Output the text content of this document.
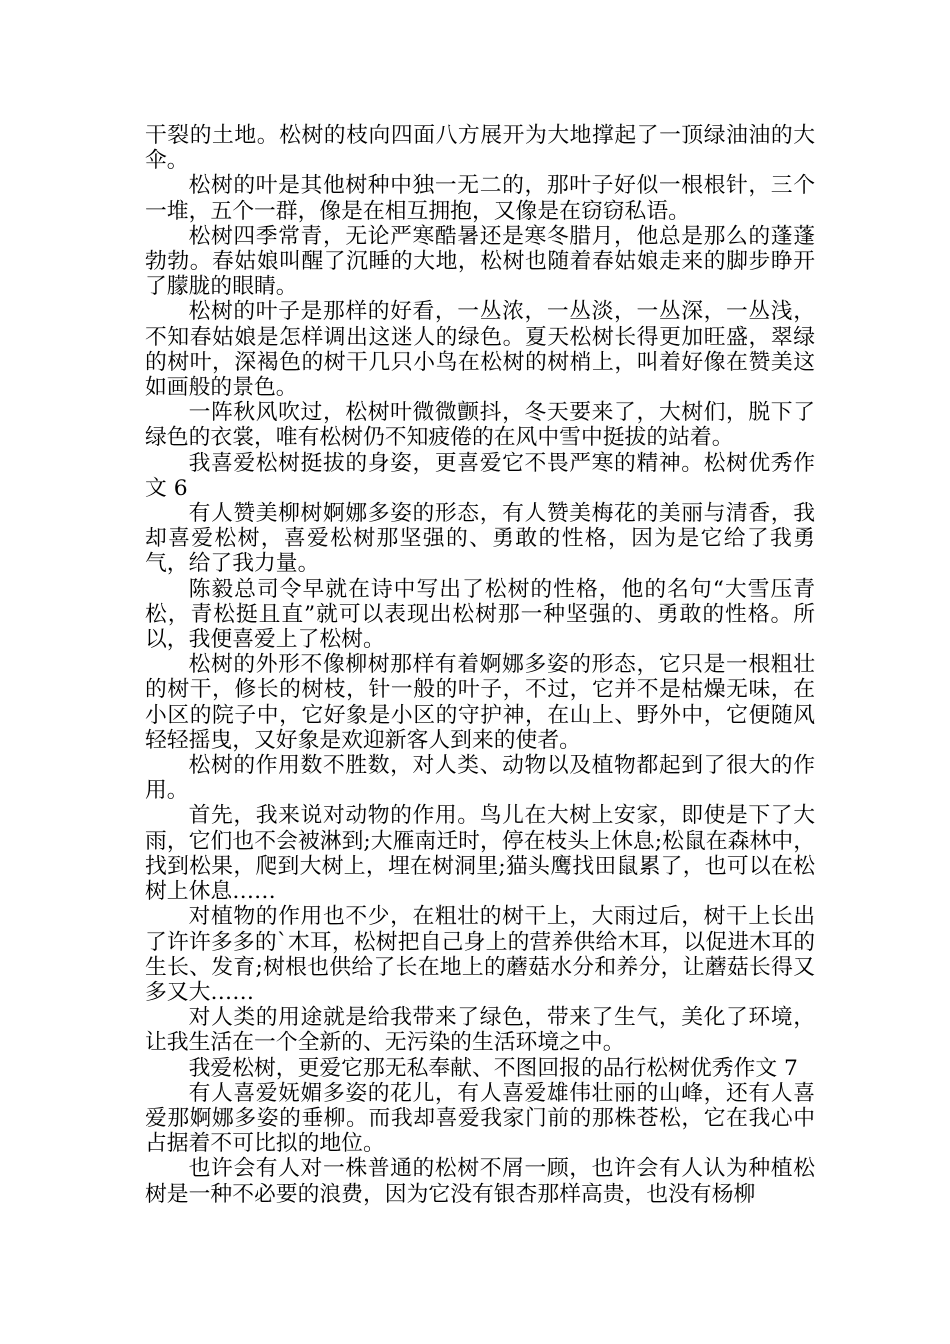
干裂的土地。松树的枝向四面八方展开为大地撑起了一顶绿油油的大伞。

松树的叶是其他树种中独一无二的，那叶子好似一根根针，三个一堆，五个一群，像是在相互拥抱，又像是在窃窃私语。

松树四季常青，无论严寒酷暑还是寒冬腊月，他总是那么的蓬蓬勃勃。春姑娘叫醒了沉睡的大地，松树也随着春姑娘走来的脚步睁开了朦胧的眼睛。

松树的叶子是那样的好看，一丛浓，一丛淡，一丛深，一丛浅，不知春姑娘是怎样调出这迷人的绿色。夏天松树长得更加旺盛，翠绿的树叶，深褐色的树干几只小鸟在松树的树梢上，叫着好像在赞美这如画般的景色。

一阵秋风吹过，松树叶微微颤抖，冬天要来了，大树们，脱下了绿色的衣裳，唯有松树仍不知疲倦的在风中雪中挺拔的站着。

我喜爱松树挺拔的身姿，更喜爱它不畏严寒的精神。松树优秀作文 6

有人赞美柳树婀娜多姿的形态，有人赞美梅花的美丽与清香，我却喜爱松树，喜爱松树那坚强的、勇敢的性格，因为是它给了我勇气，给了我力量。

陈毅总司令早就在诗中写出了松树的性格，他的名句“大雪压青松，青松挺且直”就可以表现出松树那一种坚强的、勇敢的性格。所以，我便喜爱上了松树。

松树的外形不像柳树那样有着婀娜多姿的形态，它只是一根粗壮的树干，修长的树枝，针一般的叶子，不过，它并不是枯燥无味，在小区的院子中，它好象是小区的守护神，在山上、野外中，它便随风轻轻摇曳，又好象是欢迎新客人到来的使者。

松树的作用数不胜数，对人类、动物以及植物都起到了很大的作用。

首先，我来说对动物的作用。鸟儿在大树上安家，即使是下了大雨，它们也不会被淋到;大雁南迁时，停在枝头上休息;松鼠在森林中，找到松果，爬到大树上，埋在树洞里;猫头鹰找田鼠累了，也可以在松树上休息……

对植物的作用也不少，在粗壮的树干上，大雨过后，树干上长出了许许多多的`木耳，松树把自己身上的营养供给木耳，以促进木耳的生长、发育;树根也供给了长在地上的蘑菇水分和养分，让蘑菇长得又多又大……

对人类的用途就是给我带来了绿色，带来了生气，美化了环境，让我生活在一个全新的、无污染的生活环境之中。

我爱松树，更爱它那无私奉献、不图回报的品行松树优秀作文 7

有人喜爱妩媚多姿的花儿，有人喜爱雄伟壮丽的山峰，还有人喜爱那婀娜多姿的垂柳。而我却喜爱我家门前的那株苍松，它在我心中占据着不可比拟的地位。

也许会有人对一株普通的松树不屑一顾，也许会有人认为种植松树是一种不必要的浪费，因为它没有银杏那样高贵，也没有杨柳
